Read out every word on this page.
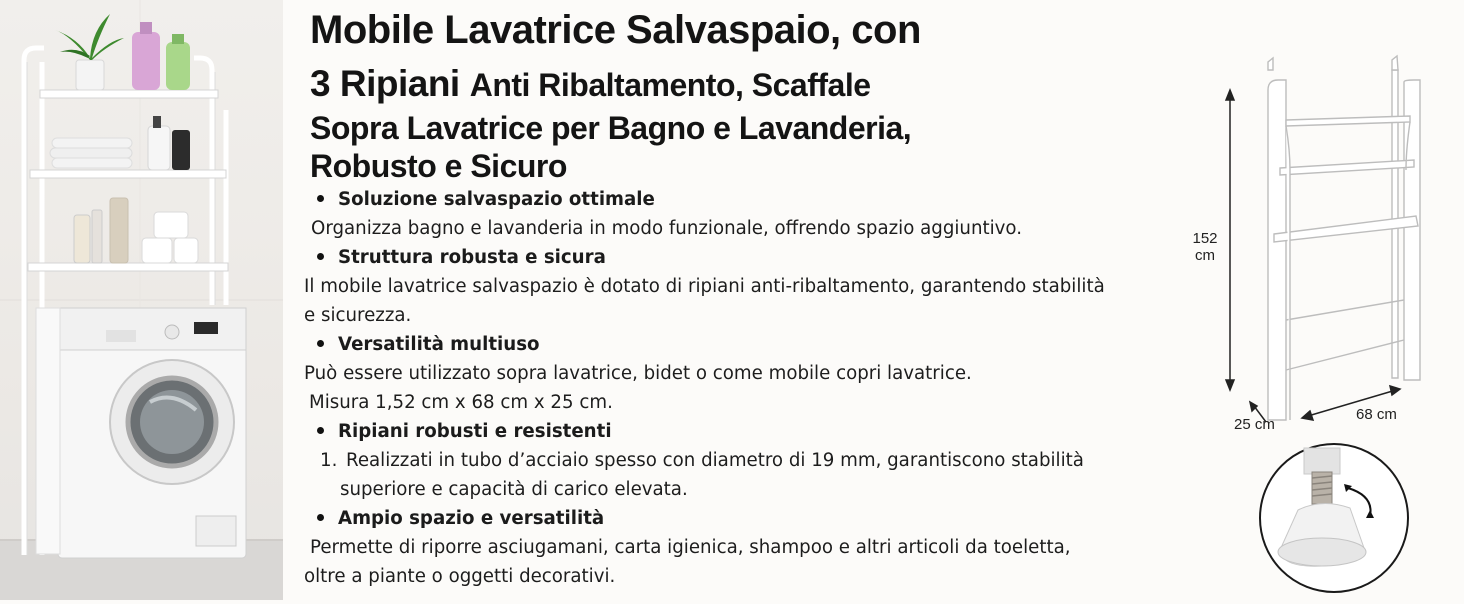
Mobile Lavatrice Salvaspaio, con
3 Ripiani Anti Ribaltamento, Scaffale
Sopra Lavatrice per Bagno e Lavanderia,
Robusto e Sicuro
Soluzione salvaspazio ottimale
Organizza bagno e lavanderia in modo funzionale, offrendo spazio aggiuntivo.
Struttura robusta e sicura
Il mobile lavatrice salvaspazio è dotato di ripiani anti-ribaltamento, garantendo stabilità
e sicurezza.
Versatilità multiuso
Può essere utilizzato sopra lavatrice, bidet o come mobile copri lavatrice.
Misura 1,52 cm x 68 cm x 25 cm.
Ripiani robusti e resistenti
1. Realizzati in tubo d’acciaio spesso con diametro di 19 mm, garantiscono stabilità
superiore e capacità di carico elevata.
Ampio spazio e versatilità
Permette di riporre asciugamani, carta igienica, shampoo e altri articoli da toeletta,
oltre a piante o oggetti decorativi.
152
cm
68 cm
25 cm
